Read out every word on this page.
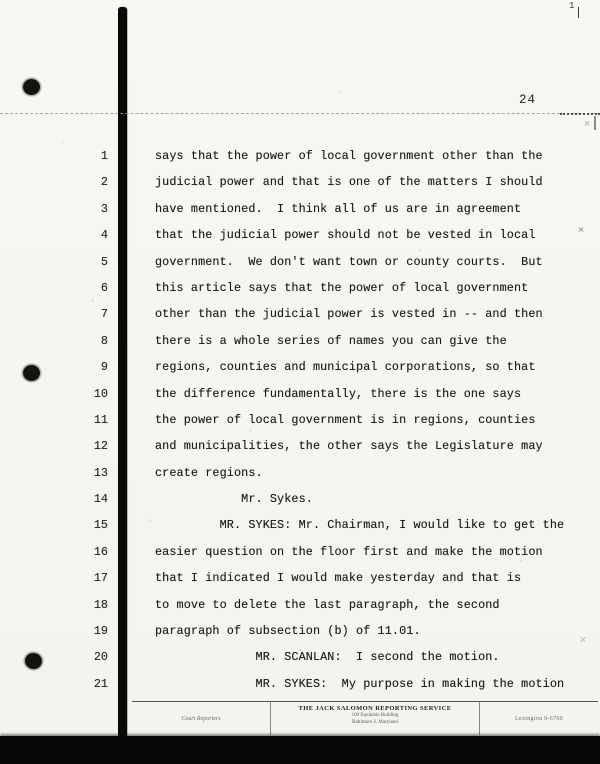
1
24
1	says that the power of local government other than the
2	judicial power and that is one of the matters I should
3	have mentioned.  I think all of us are in agreement
4	that the judicial power should not be vested in local
5	government.  We don't want town or county courts.  But
6	this article says that the power of local government
7	other than the judicial power is vested in -- and then
8	there is a whole series of names you can give the
9	regions, counties and municipal corporations, so that
10	the difference fundamentally, there is the one says
11	the power of local government is in regions, counties
12	and municipalities, the other says the Legislature may
13	create regions.
14	Mr. Sykes.
15	MR. SYKES: Mr. Chairman, I would like to get the
16	easier question on the floor first and make the motion
17	that I indicated I would make yesterday and that is
18	to move to delete the last paragraph, the second
19	paragraph of subsection (b) of 11.01.
20	MR. SCANLAN:  I second the motion.
21	MR. SYKES:  My purpose in making the motion
Court Reporters
THE JACK SALOMON REPORTING SERVICE
100 Equitable Building
Baltimore 2, Maryland	Lexington 9-6760
